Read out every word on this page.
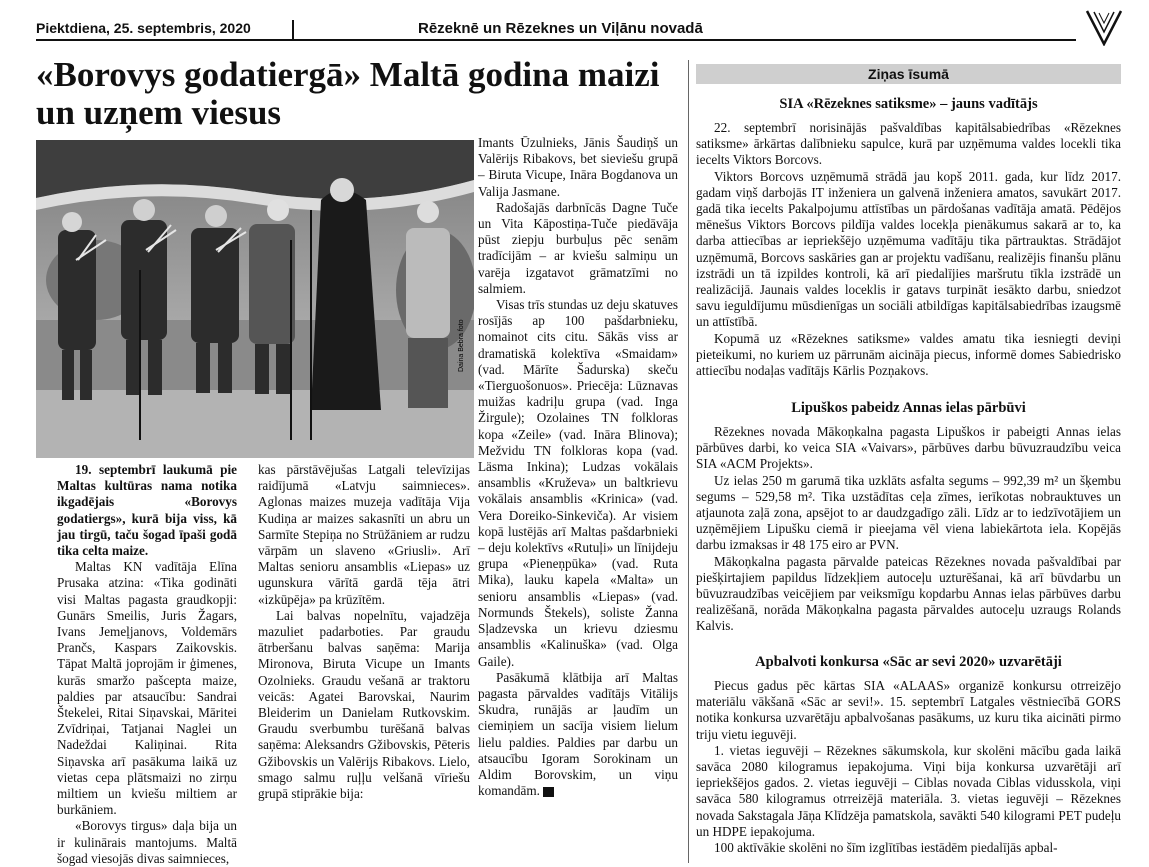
Piektdiena, 25. septembris, 2020	Rēzeknē un Rēzeknes un Viļānu novadā
«Borovys godatiergā» Maltā godina maizi un uzņem viesus
Daina Bebra foto

19. septembrī laukumā pie Maltas kultūras nama notika ikgadējais «Borovys godatiergs», kurā bija viss, kā jau tirgū, taču šogad īpaši godā tika celta maize.

Maltas KN vadītāja Elīna Prusaka atzina: «Tika godināti visi Maltas pagasta graudkopji: Gunārs Smeilis, Juris Žagars, Ivans Jemeļjanovs, Voldemārs Prančs, Kaspars Zaikovskis. Tāpat Maltā joprojām ir ģimenes, kurās smaržo pašcepta maize, paldies par atsaucību: Sandrai Štekelei, Ritai Siņavskai, Māritei Zvīdriņai, Tatjanai Naglei un Nadeždai Kaliņinai. Rita Siņavska arī pasākuma laikā uz vietas cepa plātsmaizi no zirņu miltiem un kviešu miltiem ar burkāniem.

«Borovys tirgus» daļa bija un ir kulinārais mantojums. Maltā šogad viesojās divas saimnieces,

kas pārstāvējušas Latgali televīzijas raidījumā «Latvju saimnieces». Aglonas maizes muzeja vadītāja Vija Kudiņa ar maizes sakasnīti un abru un Sarmīte Stepiņa no Strūžāniem ar rudzu vārpām un slaveno «Griusli». Arī Maltas senioru ansamblis «Liepas» uz ugunskura vārītā gardā tēja ātri «izkūpēja» pa krūzītēm.

Lai balvas nopelnītu, vajadzēja mazuliet padarboties. Par graudu ātrberšanu balvas saņēma: Marija Mironova, Biruta Vicupe un Imants Ozolnieks. Graudu vešanā ar traktoru veicās: Agatei Barovskai, Naurim Bleiderim un Danielam Rutkovskim. Graudu sverbumbu turēšanā balvas saņēma: Aleksandrs Gžibovskis, Pēteris Gžibovskis un Valērijs Ribakovs. Lielo, smago salmu ruļļu velšanā vīriešu grupā stiprākie bija:

Imants Ūzulnieks, Jānis Šaudiņš un Valērijs Ribakovs, bet sieviešu grupā – Biruta Vicupe, Ināra Bogdanova un Valija Jasmane.

Radošajās darbnīcās Dagne Tuče un Vita Kāpostiņa-Tuče piedāvāja pūst ziepju burbuļus pēc senām tradīcijām – ar kviešu salmiņu un varēja izgatavot grāmatzīmi no salmiem.

Visas trīs stundas uz deju skatuves rosījās ap 100 pašdarbnieku, nomainot cits citu. Sākās viss ar dramatiskā kolektīva «Smaidam» (vad. Mārīte Šadurska) skeču «Tierguošonuos». Priecēja: Lūznavas muižas kadriļu grupa (vad. Inga Žirgule); Ozolaines TN folkloras kopa «Zeile» (vad. Ināra Blinova); Mežvidu TN folkloras kopa (vad. Läsma Inkina); Ludzas vokālais ansamblis «Kruževa» un baltkrievu vokālais ansamblis «Krinica» (vad. Vera Doreiko-Sinkeviča). Ar visiem kopā lustējās arī Maltas pašdarbnieki – deju kolektīvs «Rutuļi» un līnijdeju grupa «Pieneņpūka» (vad. Ruta Mika), lauku kapela «Malta» un senioru ansamblis «Liepas» (vad. Normunds Štekels), soliste Žanna Sļadzevska un krievu dziesmu ansamblis «Kalinuška» (vad. Olga Gaile).

Pasākumā klātbija arī Maltas pagasta pārvaldes vadītājs Vitālijs Skudra, runājās ar ļaudīm un ciemiņiem un sacīja visiem lielum lielu paldies. Paldies par darbu un atsaucību Igoram Sorokinam un Aldim Borovskim, un viņu komandām.	V

Ziņas īsumā
SIA «Rēzeknes satiksme» – jauns vadītājs

22. septembrī norisinājās pašvaldības kapitālsabiedrības «Rēzeknes satiksme» ārkārtas dalībnieku sapulce, kurā par uzņēmuma valdes locekli tika iecelts Viktors Borcovs.

Viktors Borcovs uzņēmumā strādā jau kopš 2011. gada, kur līdz 2017. gadam viņš darbojās IT inženiera un galvenā inženiera amatos, savukārt 2017. gadā tika iecelts Pakalpojumu attīstības un pārdošanas vadītāja amatā. Pēdējos mēnešus Viktors Borcovs pildīja valdes locekļa pienākumus sakarā ar to, ka darba attiecības ar iepriekšējo uzņēmuma vadītāju tika pārtrauktas. Strādājot uzņēmumā, Borcovs saskāries gan ar projektu vadīšanu, realizējis finanšu plānu izstrādi un tā izpildes kontroli, kā arī piedalījies maršrutu tīkla izstrādē un realizācijā. Jaunais valdes loceklis ir gatavs turpināt iesākto darbu, sniedzot savu ieguldījumu mūsdienīgas un sociāli atbildīgas kapitālsabiedrības izaugsmē un attīstībā.

Kopumā uz «Rēzeknes satiksme» valdes amatu tika iesniegti deviņi pieteikumi, no kuriem uz pārrunām aicināja piecus, informē domes Sabiedrisko attiecību nodaļas vadītājs Kārlis Pozņakovs.

Lipuškos pabeidz Annas ielas pārbūvi

Rēzeknes novada Mākoņkalna pagasta Lipuškos ir pabeigti Annas ielas pārbūves darbi, ko veica SIA «Vaivars», pārbūves darbu būvuzraudzību veica SIA «ACM Projekts».

Uz ielas 250 m garumā tika uzklāts asfalta segums – 992,39 m² un šķembu segums – 529,58 m². Tika uzstādītas ceļa zīmes, ierīkotas nobrauktuves un atjaunota zaļā zona, apsējot to ar daudzgadīgo zāli. Līdz ar to iedzīvotājiem un uzņēmējiem Lipušku ciemā ir pieejama vēl viena labiekārtota iela. Kopējās darbu izmaksas ir 48 175 eiro ar PVN.

Mākoņkalna pagasta pārvalde pateicas Rēzeknes novada pašvaldībai par piešķirtajiem papildus līdzekļiem autoceļu uzturēšanai, kā arī būvdarbu un būvuzraudzības veicējiem par veiksmīgu kopdarbu Annas ielas pārbūves darbu realizēšanā, norāda Mākoņkalna pagasta pārvaldes autoceļu uzraugs Rolands Kalvis.

Apbalvoti konkursa «Sāc ar sevi 2020» uzvarētāji

Piecus gadus pēc kārtas SIA «ALAAS» organizē konkursu otrreizējo materiālu vākšanā «Sāc ar sevi!». 15. septembrī Latgales vēstniecībā GORS notika konkursa uzvarētāju apbalvošanas pasākums, uz kuru tika aicināti pirmo triju vietu ieguvēji.

1. vietas ieguvēji – Rēzeknes sākumskola, kur skolēni mācību gada laikā savāca 2080 kilogramus iepakojuma. Viņi bija konkursa uzvarētāji arī iepriekšējos gados. 2. vietas ieguvēji – Ciblas novada Ciblas vidusskola, viņi savāca 580 kilogramus otrreizējā materiāla. 3. vietas ieguvēji – Rēzeknes novada Sakstagala Jāņa Klīdzēja pamatskola, savākti 540 kilogrami PET pudeļu un HDPE iepakojuma.

100 aktīvākie skolēni no šīm izglītības iestādēm piedalījās apbal-
